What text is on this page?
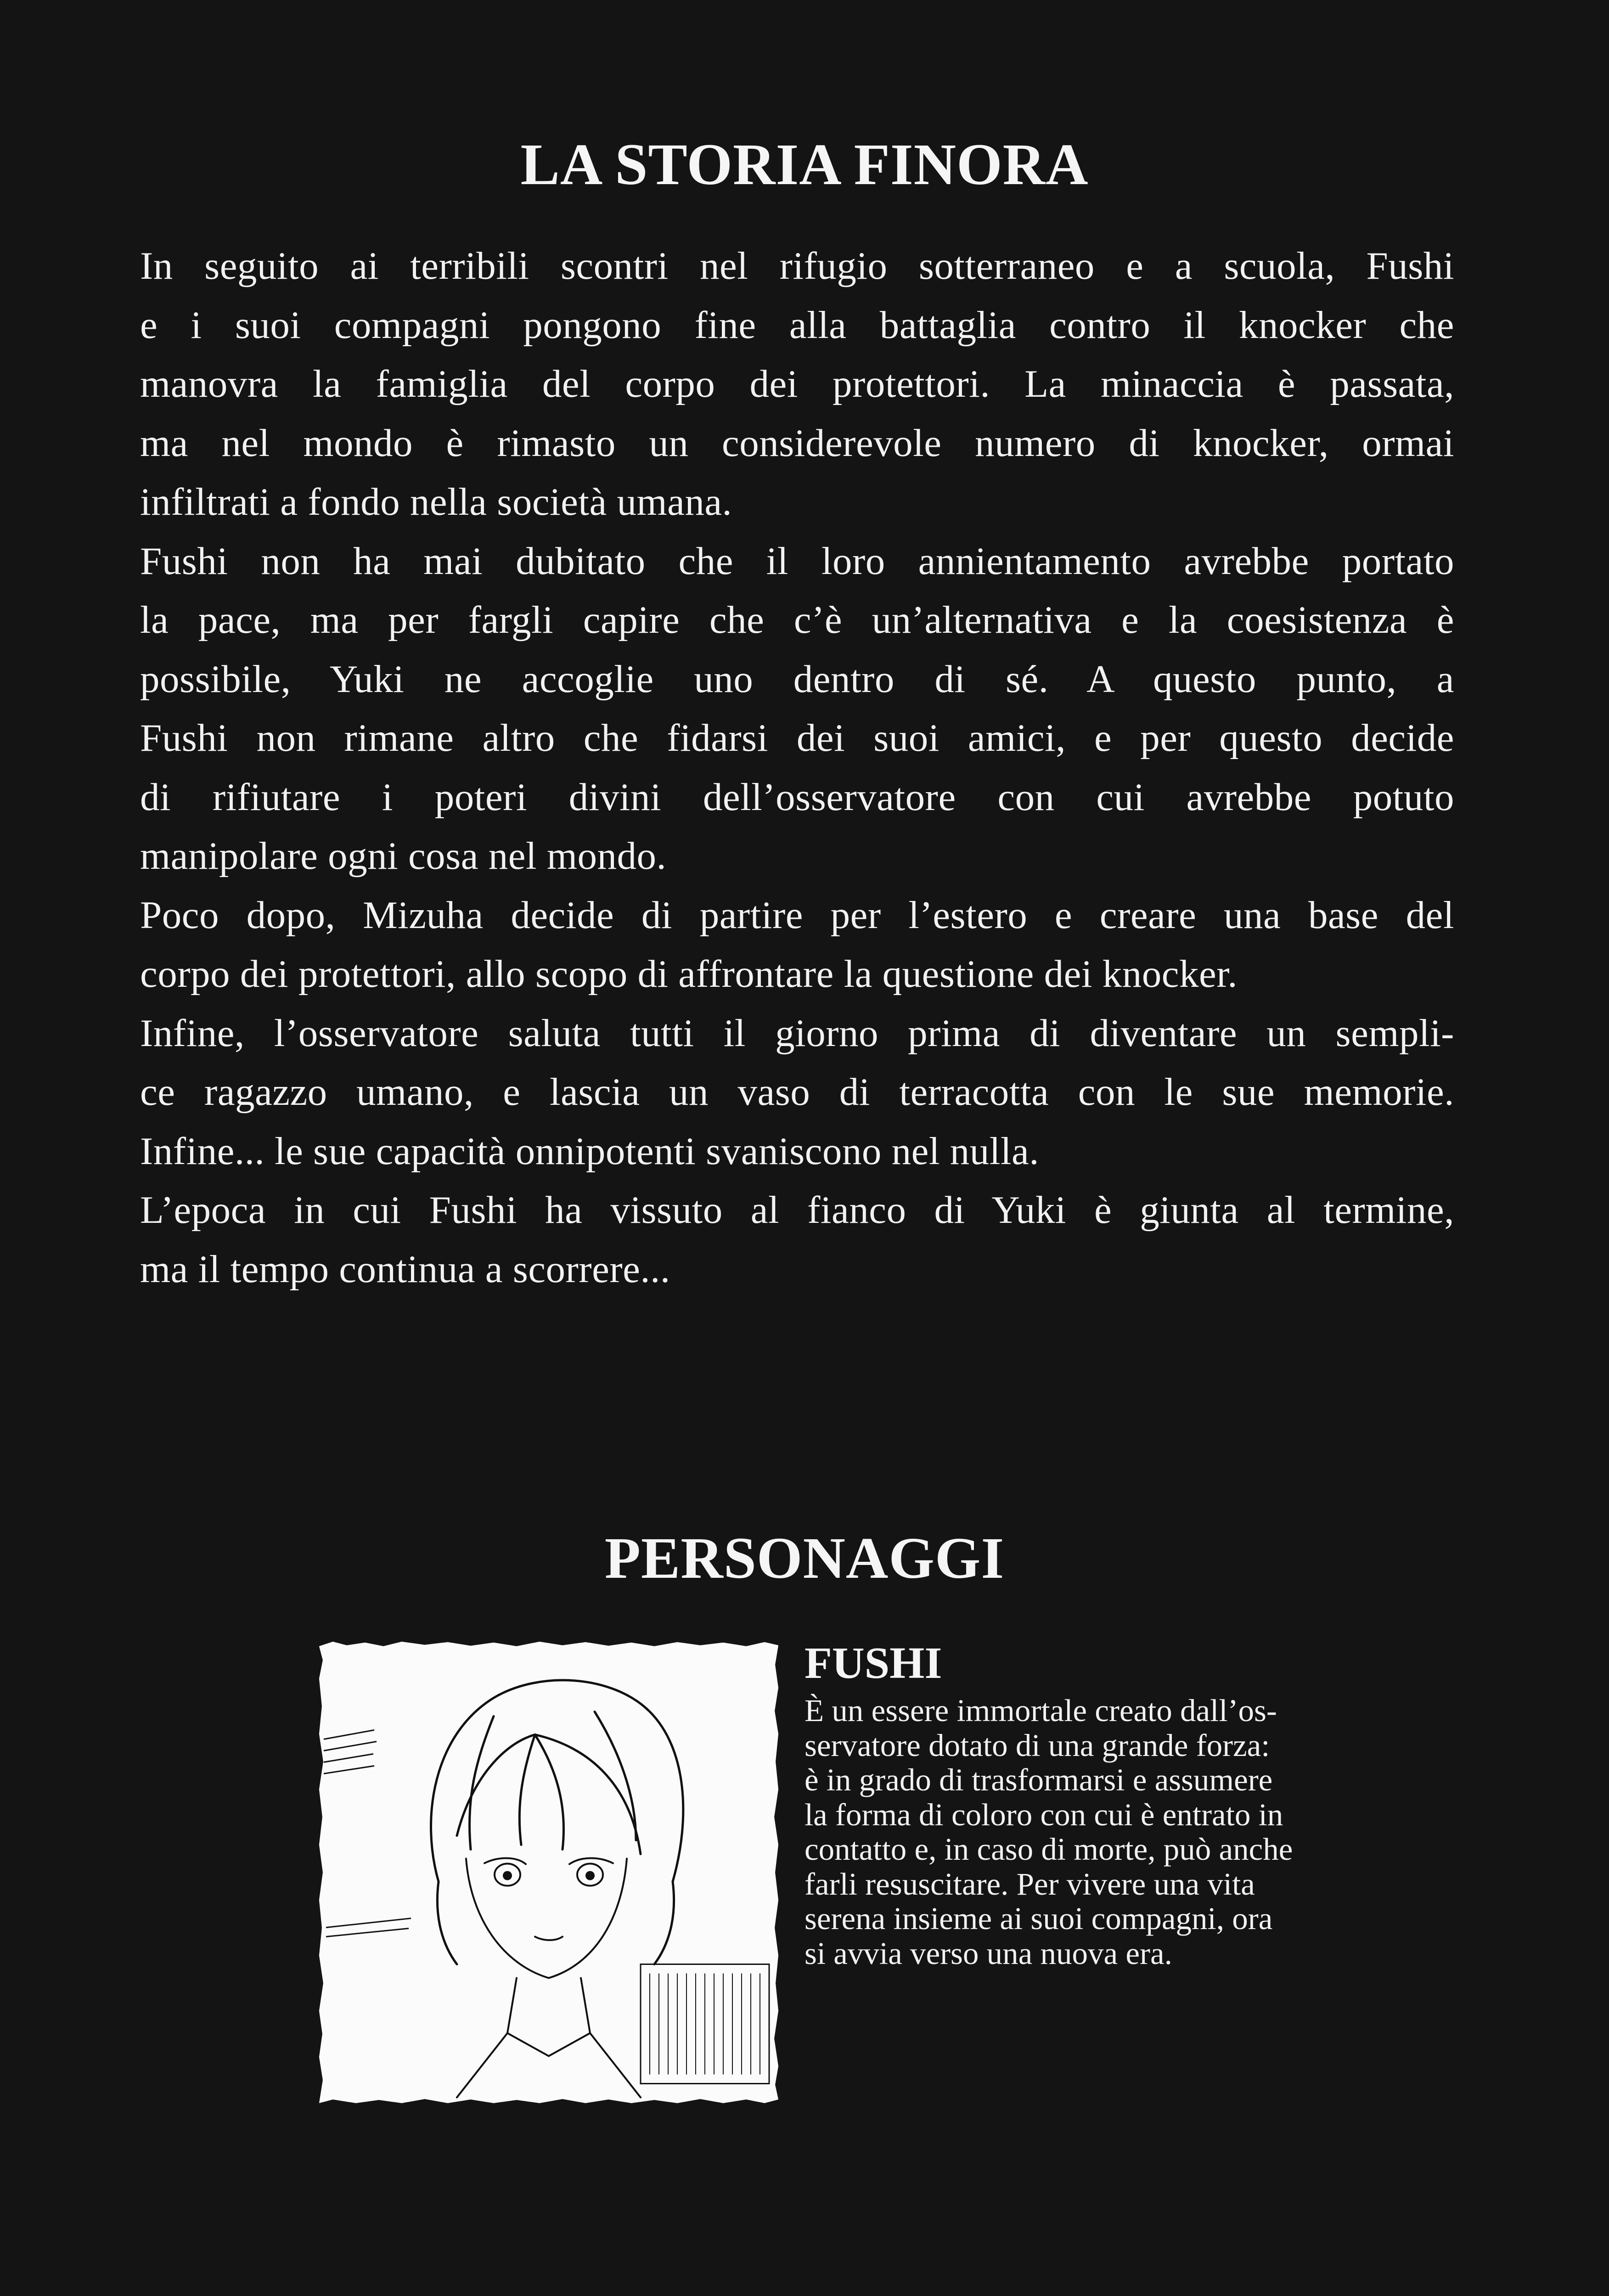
LA STORIA FINORA
In seguito ai terribili scontri nel rifugio sotterraneo e a scuola, Fushi
e i suoi compagni pongono fine alla battaglia contro il knocker che
manovra la famiglia del corpo dei protettori. La minaccia è passata,
ma nel mondo è rimasto un considerevole numero di knocker, ormai
infiltrati a fondo nella società umana.
Fushi non ha mai dubitato che il loro annientamento avrebbe portato
la pace, ma per fargli capire che c’è un’alternativa e la coesistenza è
possibile, Yuki ne accoglie uno dentro di sé. A questo punto, a
Fushi non rimane altro che fidarsi dei suoi amici, e per questo decide
di rifiutare i poteri divini dell’osservatore con cui avrebbe potuto
manipolare ogni cosa nel mondo.
Poco dopo, Mizuha decide di partire per l’estero e creare una base del
corpo dei protettori, allo scopo di affrontare la questione dei knocker.
Infine, l’osservatore saluta tutti il giorno prima di diventare un sempli-
ce ragazzo umano, e lascia un vaso di terracotta con le sue memorie.
Infine... le sue capacità onnipotenti svaniscono nel nulla.
L’epoca in cui Fushi ha vissuto al fianco di Yuki è giunta al termine,
ma il tempo continua a scorrere...
PERSONAGGI
FUSHI
È un essere immortale creato dall’os-
servatore dotato di una grande forza:
è in grado di trasformarsi e assumere
la forma di coloro con cui è entrato in
contatto e, in caso di morte, può anche
farli resuscitare. Per vivere una vita
serena insieme ai suoi compagni, ora
si avvia verso una nuova era.
